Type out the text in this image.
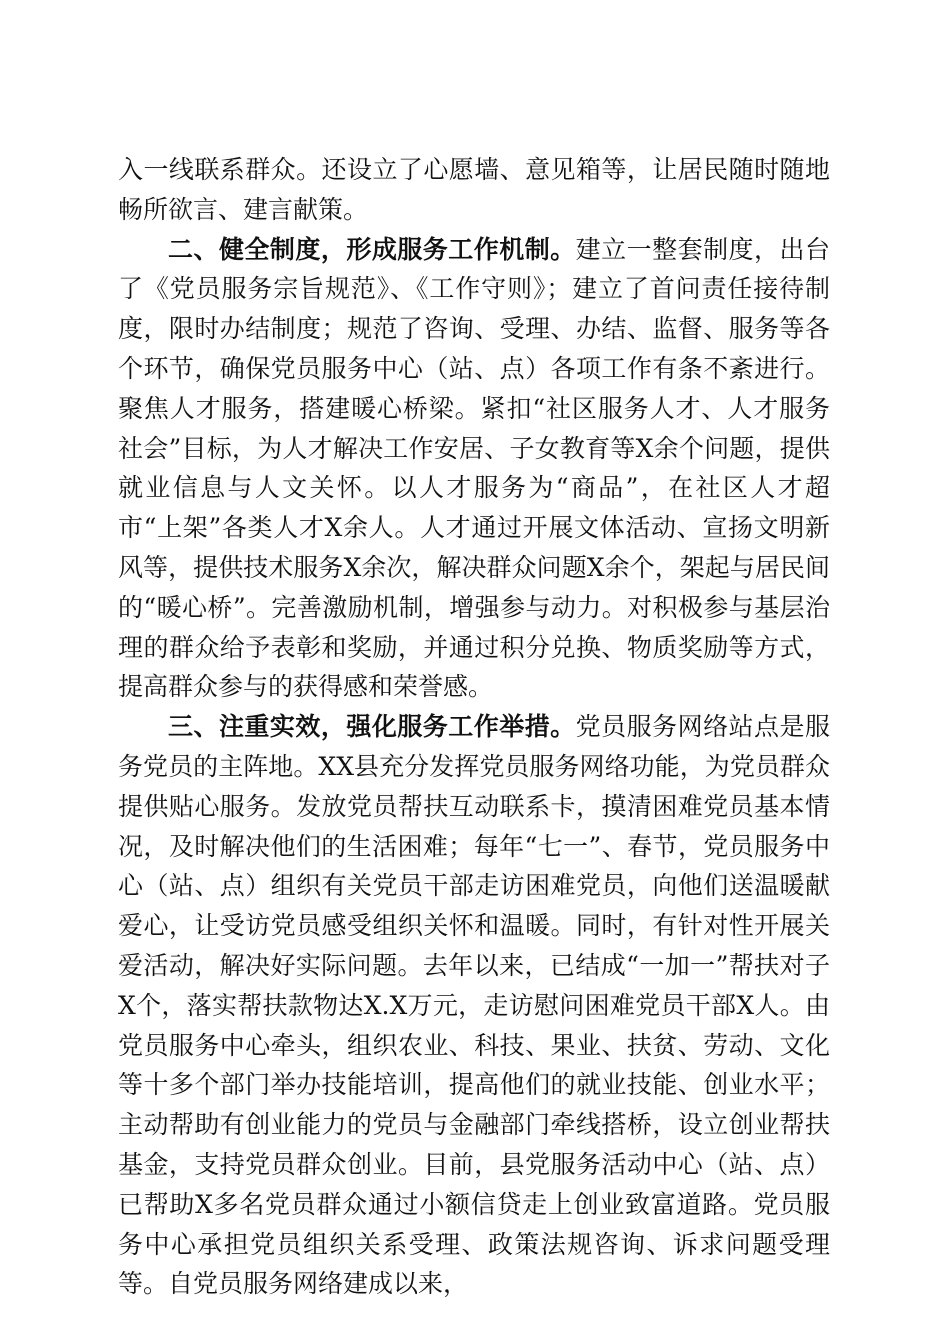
入一线联系群众。还设立了心愿墙、意见箱等，让居民随时随地畅所欲言、建言献策。

二、健全制度，形成服务工作机制。建立一整套制度，出台了《党员服务宗旨规范》、《工作守则》；建立了首问责任接待制度，限时办结制度；规范了咨询、受理、办结、监督、服务等各个环节，确保党员服务中心（站、点）各项工作有条不紊进行。聚焦人才服务，搭建暖心桥梁。紧扣“社区服务人才、人才服务社会”目标，为人才解决工作安居、子女教育等X余个问题，提供就业信息与人文关怀。以人才服务为“商品”，在社区人才超市“上架”各类人才X余人。人才通过开展文体活动、宣扬文明新风等，提供技术服务X余次，解决群众问题X余个，架起与居民间的“暖心桥”。完善激励机制，增强参与动力。对积极参与基层治理的群众给予表彰和奖励，并通过积分兑换、物质奖励等方式，提高群众参与的获得感和荣誉感。

三、注重实效，强化服务工作举措。党员服务网络站点是服务党员的主阵地。XX县充分发挥党员服务网络功能，为党员群众提供贴心服务。发放党员帮扶互动联系卡，摸清困难党员基本情况，及时解决他们的生活困难；每年“七一”、春节，党员服务中心（站、点）组织有关党员干部走访困难党员，向他们送温暖献爱心，让受访党员感受组织关怀和温暖。同时，有针对性开展关爱活动，解决好实际问题。去年以来，已结成“一加一”帮扶对子X个，落实帮扶款物达X.X万元，走访慰问困难党员干部X人。由党员服务中心牵头，组织农业、科技、果业、扶贫、劳动、文化等十多个部门举办技能培训，提高他们的就业技能、创业水平；主动帮助有创业能力的党员与金融部门牵线搭桥，设立创业帮扶基金，支持党员群众创业。目前，县党服务活动中心（站、点）已帮助X多名党员群众通过小额信贷走上创业致富道路。党员服务中心承担党员组织关系受理、政策法规咨询、诉求问题受理等。自党员服务网络建成以来，
